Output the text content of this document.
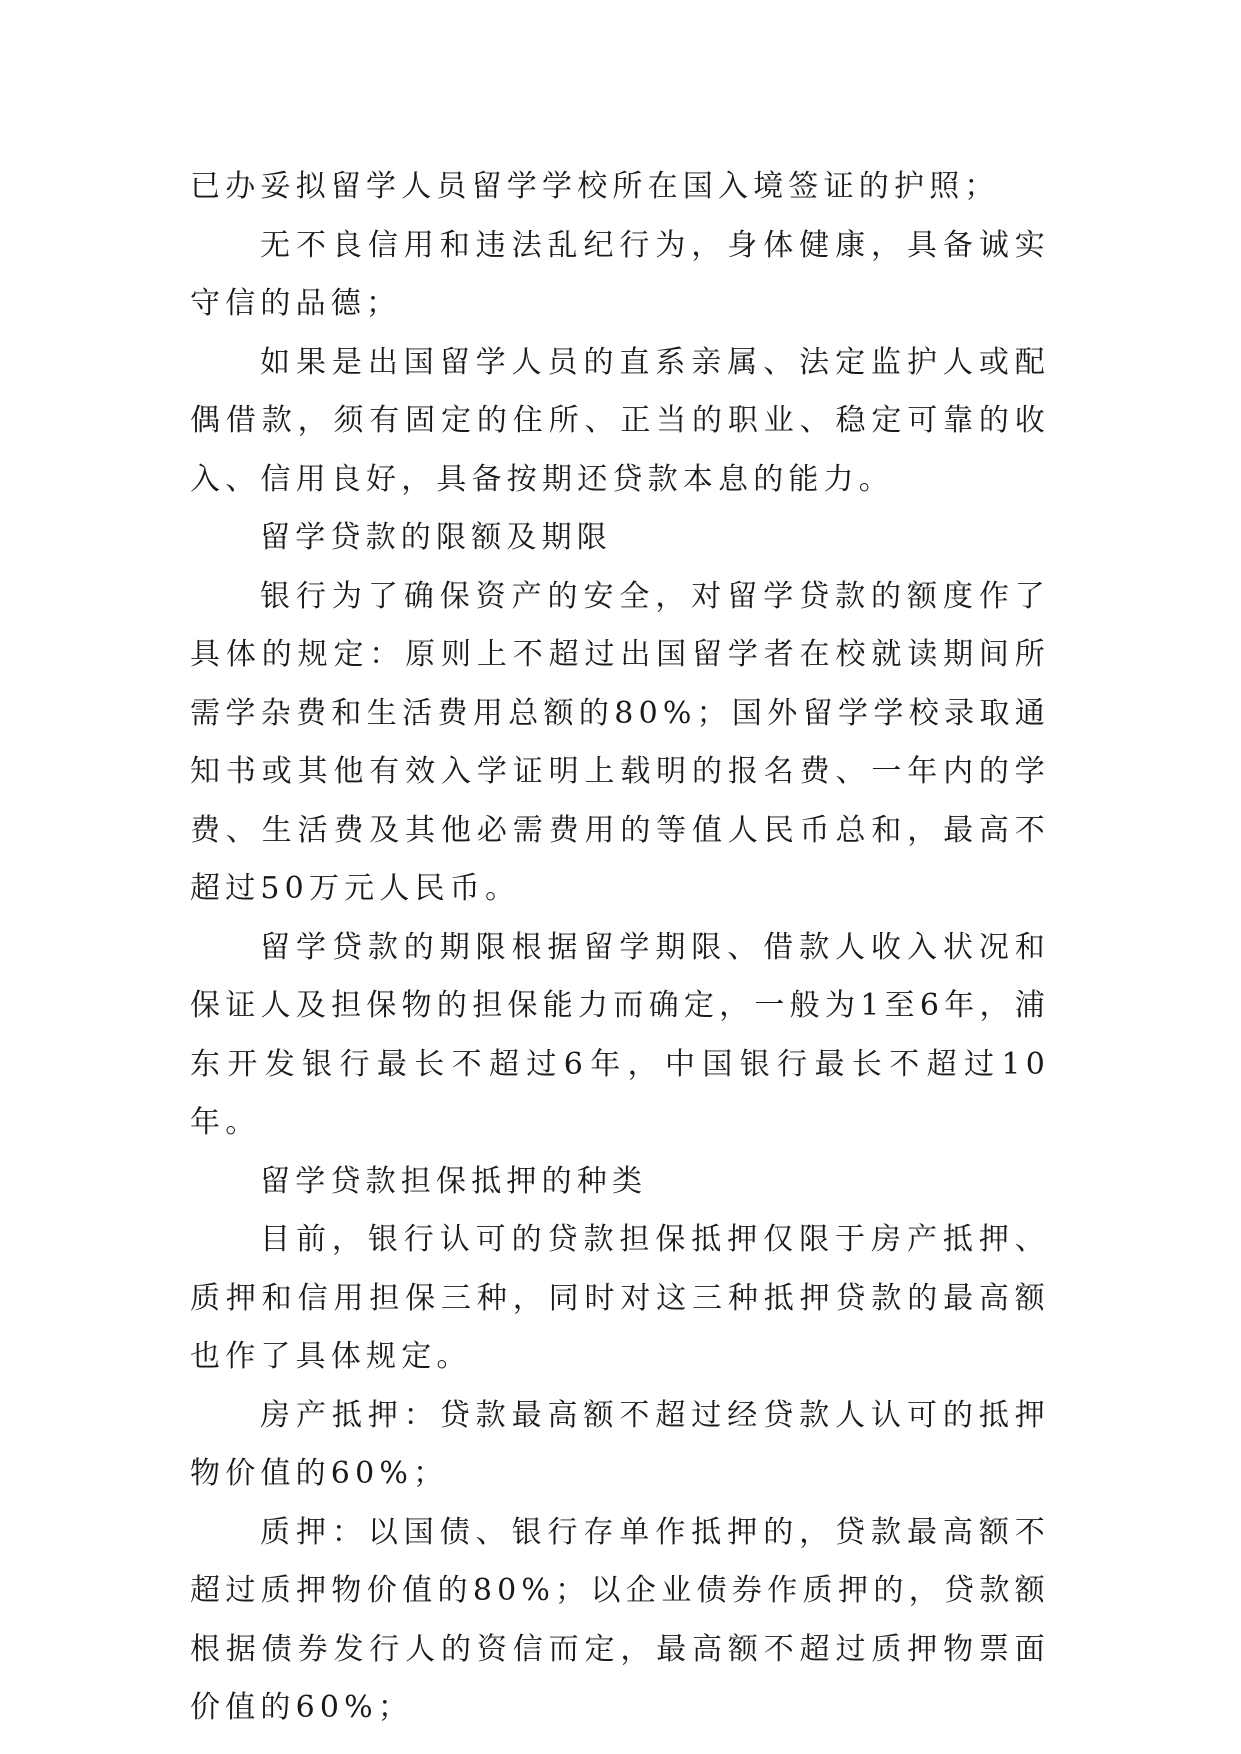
已办妥拟留学人员留学学校所在国入境签证的护照；

无不良信用和违法乱纪行为，身体健康，具备诚实守信的品德；

如果是出国留学人员的直系亲属、法定监护人或配偶借款，须有固定的住所、正当的职业、稳定可靠的收入、信用良好，具备按期还贷款本息的能力。

留学贷款的限额及期限

银行为了确保资产的安全，对留学贷款的额度作了具体的规定：原则上不超过出国留学者在校就读期间所需学杂费和生活费用总额的80%；国外留学学校录取通知书或其他有效入学证明上载明的报名费、一年内的学费、生活费及其他必需费用的等值人民币总和，最高不超过50万元人民币。

留学贷款的期限根据留学期限、借款人收入状况和保证人及担保物的担保能力而确定，一般为1至6年，浦东开发银行最长不超过6年，中国银行最长不超过10年。

留学贷款担保抵押的种类

目前，银行认可的贷款担保抵押仅限于房产抵押、质押和信用担保三种，同时对这三种抵押贷款的最高额也作了具体规定。

房产抵押：贷款最高额不超过经贷款人认可的抵押物价值的60%；

质押：以国债、银行存单作抵押的，贷款最高额不超过质押物价值的80%；以企业债券作质押的，贷款额根据债券发行人的资信而定，最高额不超过质押物票面价值的60%；
